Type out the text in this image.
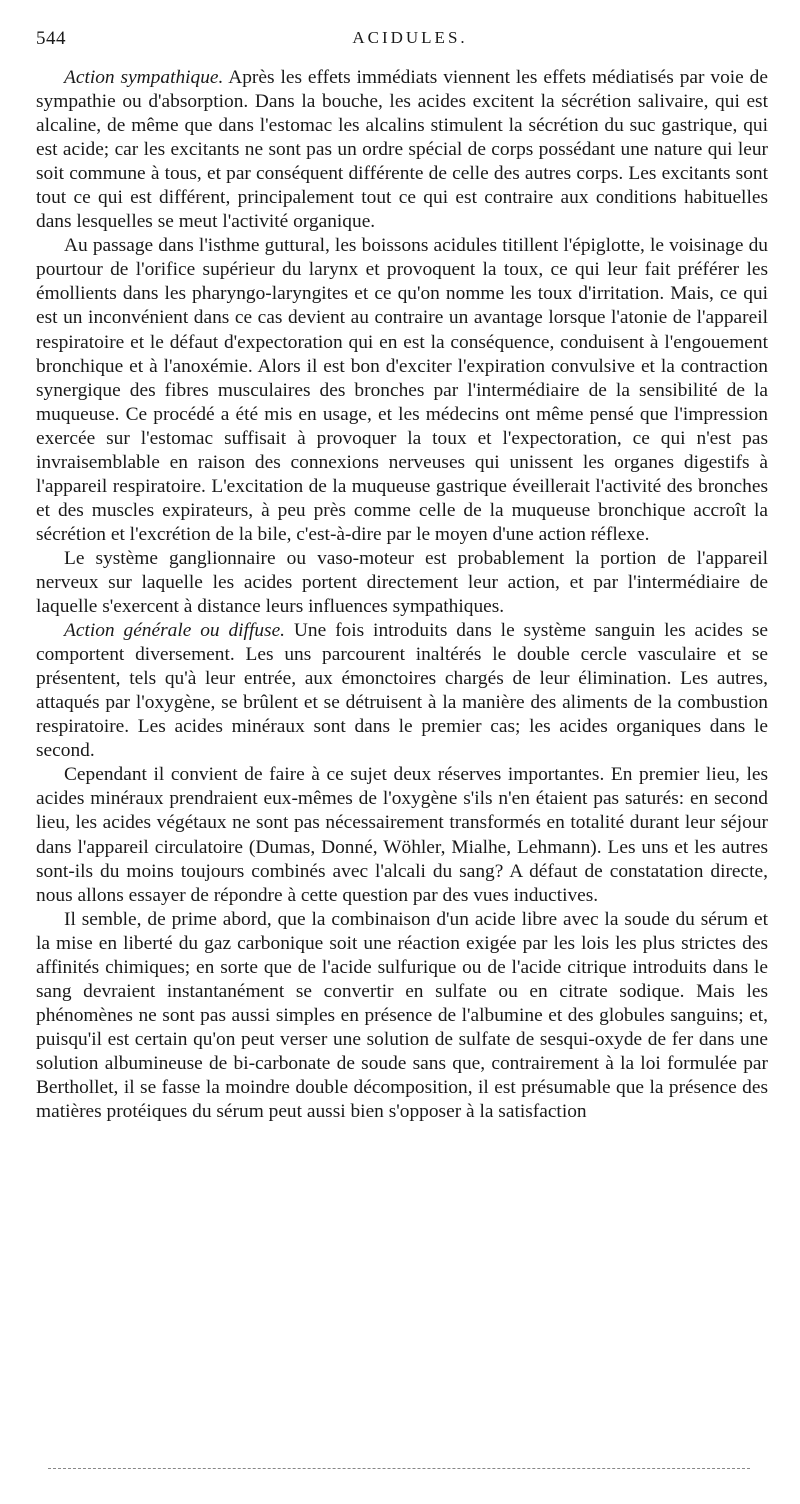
544	ACIDULES.

Action sympathique. Après les effets immédiats viennent les effets médiatisés par voie de sympathie ou d'absorption. Dans la bouche, les acides excitent la sécrétion salivaire, qui est alcaline, de même que dans l'estomac les alcalins stimulent la sécrétion du suc gastrique, qui est acide; car les excitants ne sont pas un ordre spécial de corps possédant une nature qui leur soit commune à tous, et par conséquent différente de celle des autres corps. Les excitants sont tout ce qui est différent, principalement tout ce qui est contraire aux conditions habituelles dans lesquelles se meut l'activité organique.

Au passage dans l'isthme guttural, les boissons acidules titillent l'épiglotte, le voisinage du pourtour de l'orifice supérieur du larynx et provoquent la toux, ce qui leur fait préférer les émollients dans les pharyngo-laryngites et ce qu'on nomme les toux d'irritation. Mais, ce qui est un inconvénient dans ce cas devient au contraire un avantage lorsque l'atonie de l'appareil respiratoire et le défaut d'expectoration qui en est la conséquence, conduisent à l'engouement bronchique et à l'anoxémie. Alors il est bon d'exciter l'expiration convulsive et la contraction synergique des fibres musculaires des bronches par l'intermédiaire de la sensibilité de la muqueuse. Ce procédé a été mis en usage, et les médecins ont même pensé que l'impression exercée sur l'estomac suffisait à provoquer la toux et l'expectoration, ce qui n'est pas invraisemblable en raison des connexions nerveuses qui unissent les organes digestifs à l'appareil respiratoire. L'excitation de la muqueuse gastrique éveillerait l'activité des bronches et des muscles expirateurs, à peu près comme celle de la muqueuse bronchique accroît la sécrétion et l'excrétion de la bile, c'est-à-dire par le moyen d'une action réflexe.

Le système ganglionnaire ou vaso-moteur est probablement la portion de l'appareil nerveux sur laquelle les acides portent directement leur action, et par l'intermédiaire de laquelle s'exercent à distance leurs influences sympathiques.

Action générale ou diffuse. Une fois introduits dans le système sanguin les acides se comportent diversement. Les uns parcourent inaltérés le double cercle vasculaire et se présentent, tels qu'à leur entrée, aux émonctoires chargés de leur élimination. Les autres, attaqués par l'oxygène, se brûlent et se détruisent à la manière des aliments de la combustion respiratoire. Les acides minéraux sont dans le premier cas; les acides organiques dans le second.

Cependant il convient de faire à ce sujet deux réserves importantes. En premier lieu, les acides minéraux prendraient eux-mêmes de l'oxygène s'ils n'en étaient pas saturés: en second lieu, les acides végétaux ne sont pas nécessairement transformés en totalité durant leur séjour dans l'appareil circulatoire (Dumas, Donné, Wöhler, Mialhe, Lehmann). Les uns et les autres sont-ils du moins toujours combinés avec l'alcali du sang? A défaut de constatation directe, nous allons essayer de répondre à cette question par des vues inductives.

Il semble, de prime abord, que la combinaison d'un acide libre avec la soude du sérum et la mise en liberté du gaz carbonique soit une réaction exigée par les lois les plus strictes des affinités chimiques; en sorte que de l'acide sulfurique ou de l'acide citrique introduits dans le sang devraient instantanément se convertir en sulfate ou en citrate sodique. Mais les phénomènes ne sont pas aussi simples en présence de l'albumine et des globules sanguins; et, puisqu'il est certain qu'on peut verser une solution de sulfate de sesqui-oxyde de fer dans une solution albumineuse de bi-carbonate de soude sans que, contrairement à la loi formulée par Berthollet, il se fasse la moindre double décomposition, il est présumable que la présence des matières protéiques du sérum peut aussi bien s'opposer à la satisfaction
